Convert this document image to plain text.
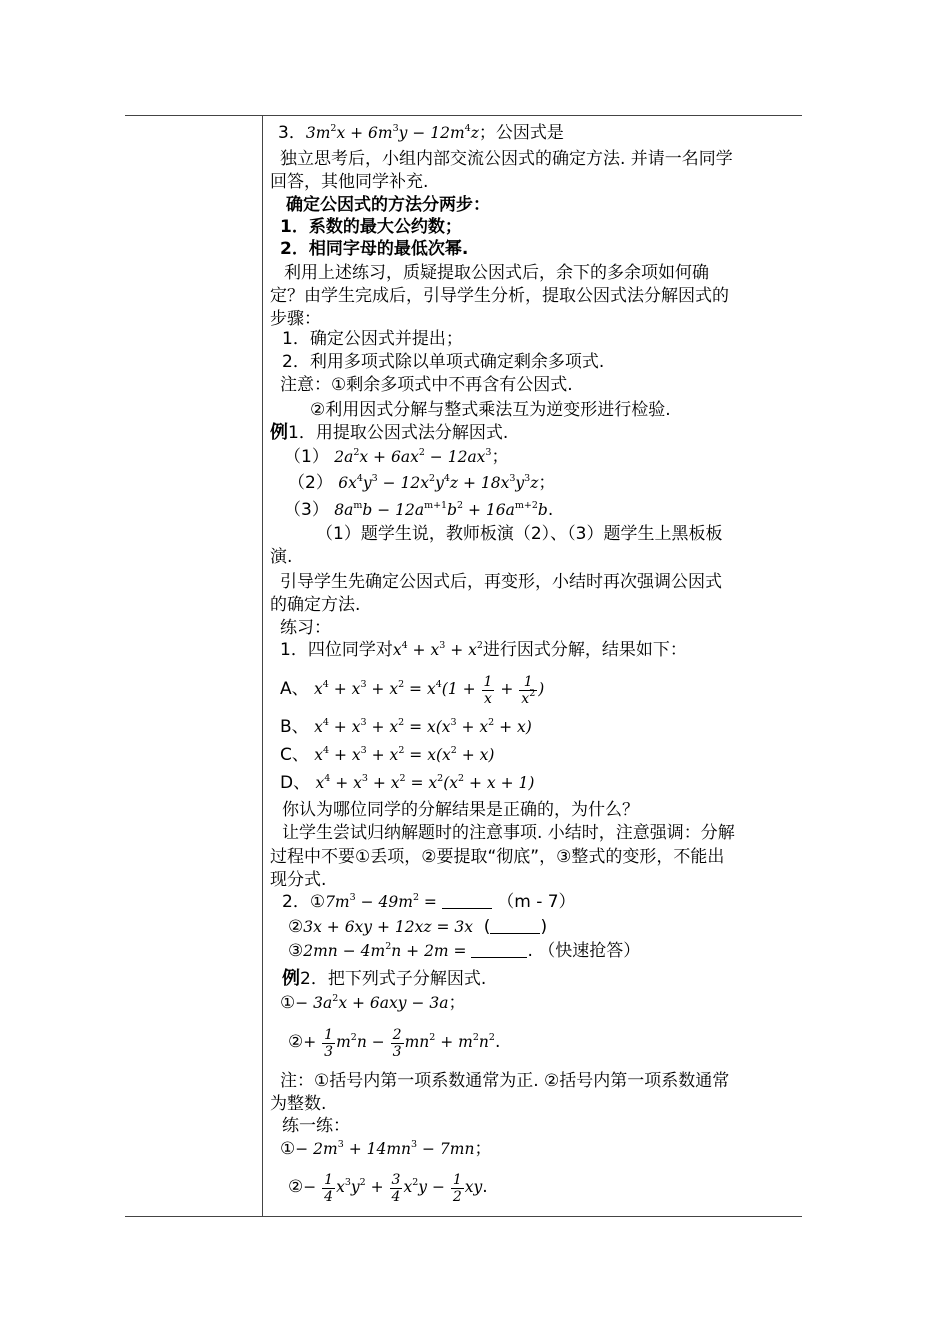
3．$3m^2x + 6m^3y - 12m^4z$；公因式是
独立思考后，小组内部交流公因式的确定方法. 并请一名同学
回答，其他同学补充.
确定公因式的方法分两步：
1．系数的最大公约数；
2．相同字母的最低次幂.
利用上述练习，质疑提取公因式后，余下的多余项如何确
定？由学生完成后，引导学生分析，提取公因式法分解因式的
步骤：
1．确定公因式并提出；
2．利用多项式除以单项式确定剩余多项式.
注意：①剩余多项式中不再含有公因式.
②利用因式分解与整式乘法互为逆变形进行检验.
例1．用提取公因式法分解因式.
（1） $2a^2x + 6ax^2 - 12ax^3$；
（2） $6x^4y^3 - 12x^2y^4z + 18x^3y^3z$；
（3） $8a^mb - 12a^{m+1}b^2 + 16a^{m+2}b$.
（1）题学生说，教师板演（2）、（3）题学生上黑板板
演.
引导学生先确定公因式后，再变形，小结时再次强调公因式
的确定方法.
练习：
1．四位同学对$x^4 + x^3 + x^2$进行因式分解，结果如下：
A、 $x^4 + x^3 + x^2 = x^4(1 + \frac{1}{x} + \frac{1}{x^2}$ )
B、 $x^4 + x^3 + x^2 = x(x^3 + x^2 + x)$
C、 $x^4 + x^3 + x^2 = x(x^2 + x)$
D、 $x^4 + x^3 + x^2 = x^2(x^2 + x + 1)$
你认为哪位同学的分解结果是正确的，为什么？
让学生尝试归纳解题时的注意事项. 小结时，注意强调：分解
过程中不要①丢项，②要提取“彻底”，③整式的变形，不能出
现分式.
2．$①7m^3 - 49m^2$ =	（m - 7）
②3x + 6xy + 12xz = 3x (	)
③2mn − $4m^2n + 2m$ =	. （快速抢答）
例2．把下列式子分解因式.
①− $3a^2x + 6axy - 3a$；
②+ $\frac{1}{3} m^2n - \frac{2}{3} mn^2 + m^2n^2$.
注：①括号内第一项系数通常为正. ②括号内第一项系数通常
为整数.
练一练：
①− $2m^3 + 14mn^3 - 7mn$；
②− $\frac{1}{4} x^3y^2 + \frac{3}{4} x^2y - \frac{1}{2}$ xy.
